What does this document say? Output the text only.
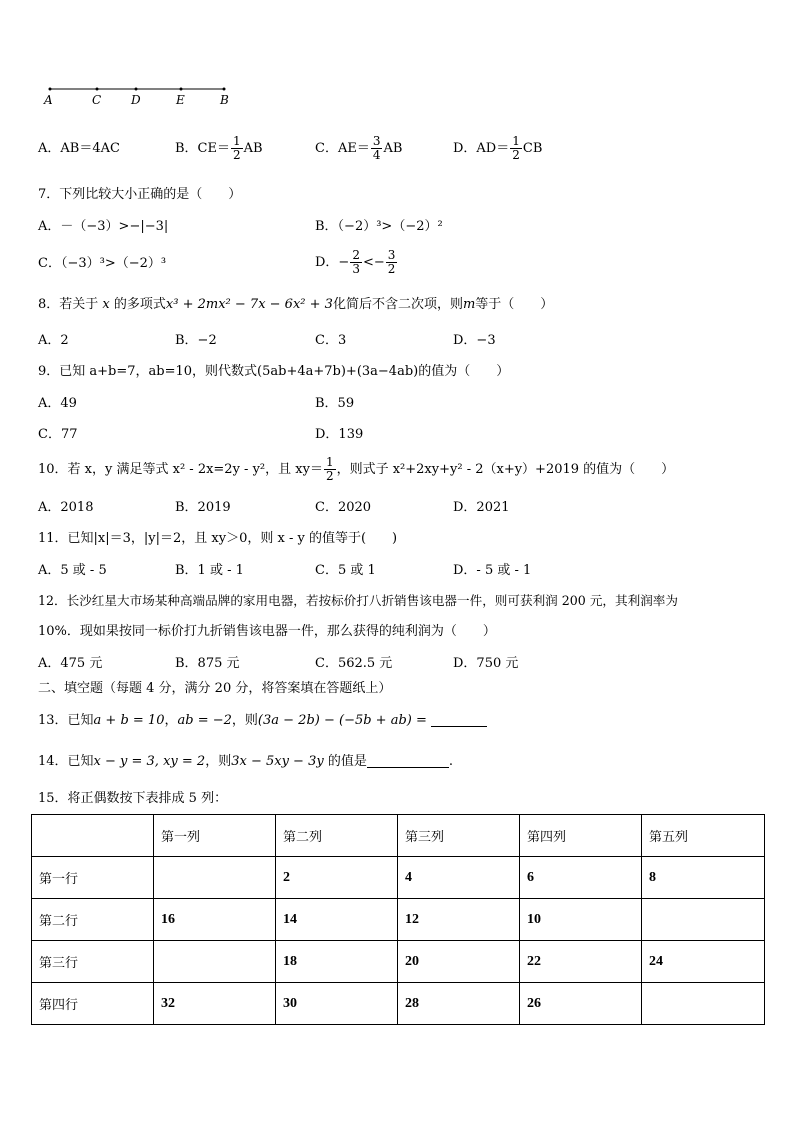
A	C D	E	B
A．AB＝4AC	B．$CE= \frac{1}{2}$ AB	C．$AE= \frac{3}{4}$ AB	D．$AD= \frac{1}{2}$ CB
7．下列比较大小正确的是（　　）
A．－（−3）>−|−3|	B．（−2）³>（−2）²
C．（−3）³>（−2）³	D．− $\frac{2}{3} <- \frac{3}{2}$
8．若关于 x 的多项式x³ + 2mx² − 7x − 6x² + 3化简后不含二次项，则m等于（　　）
A．2	B．−2	C．3	D．−3
9．已知 a+b=7，ab=10，则代数式(5ab+4a+7b)+(3a−4ab)的值为（　　）
A．49	B．59
C．77	D．139
10．若 x，y 满足等式 x² - 2x=2y - y²，且 $xy= \frac{1}{2}$ ，则式子 x²+2xy+y² - 2（x+y）+2019 的值为（　　）
A．2018	B．2019	C．2020	D．2021
11．已知|x|＝3，|y|＝2，且 xy＞0，则 x - y 的值等于(　　)
A．5 或 - 5	B．1 或 - 1	C．5 或 1	D．- 5 或 - 1
12．长沙红星大市场某种高端品牌的家用电器，若按标价打八折销售该电器一件，则可获利润 200 元，其利润率为
10%．现如果按同一标价打九折销售该电器一件，那么获得的纯利润为（　　）
A．475 元	B．875 元	C．562.5 元	D．750 元
二、填空题（每题 4 分，满分 20 分，将答案填在答题纸上）
13．已知a + b = 10，ab = −2，则(3a − 2b) − (−5b + ab) =
14．已知x − y = 3, xy = 2，则3x − 5xy − 3y 的值是	.
15．将正偶数按下表排成 5 列：
	第一列	第二列	第三列	第四列	第五列
第一行		2	4	6	8
第二行	16	14	12	10	
第三行		18	20	22	24
第四行	32	30	28	26	
